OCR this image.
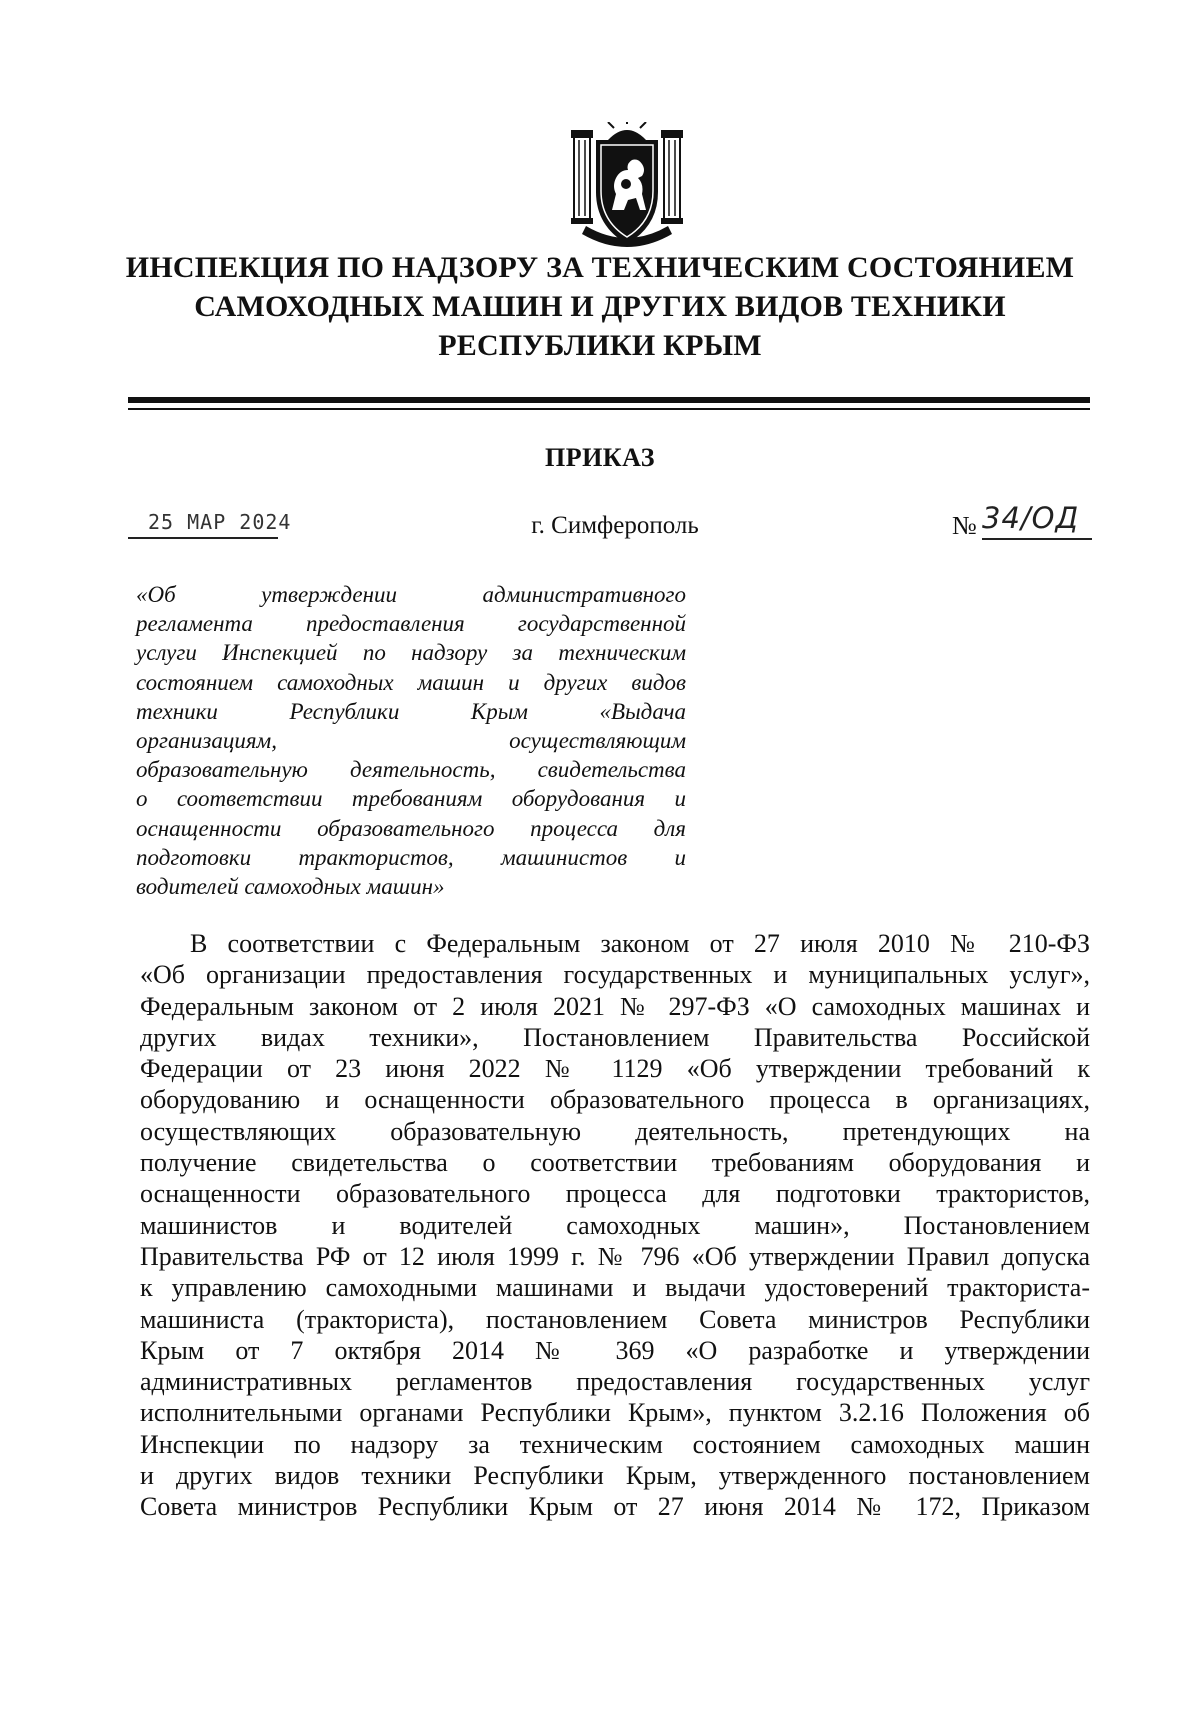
ИНСПЕКЦИЯ ПО НАДЗОРУ ЗА ТЕХНИЧЕСКИМ СОСТОЯНИЕМ
САМОХОДНЫХ МАШИН И ДРУГИХ ВИДОВ ТЕХНИКИ
РЕСПУБЛИКИ КРЫМ
ПРИКАЗ
25 МАР 2024	г. Симферополь	№ 34/ОД
«Об утверждении административного
регламента предоставления государственной
услуги Инспекцией по надзору за техническим
состоянием самоходных машин и других видов
техники Республики Крым «Выдача
организациям, осуществляющим
образовательную деятельность, свидетельства
о соответствии требованиям оборудования и
оснащенности образовательного процесса для
подготовки трактористов, машинистов и
водителей самоходных машин»
В соответствии с Федеральным законом от 27 июля 2010 № 210-ФЗ
«Об организации предоставления государственных и муниципальных услуг»,
Федеральным законом от 2 июля 2021 № 297-ФЗ «О самоходных машинах и
других видах техники», Постановлением Правительства Российской
Федерации от 23 июня 2022 № 1129 «Об утверждении требований к
оборудованию и оснащенности образовательного процесса в организациях,
осуществляющих образовательную деятельность, претендующих на
получение свидетельства о соответствии требованиям оборудования и
оснащенности образовательного процесса для подготовки трактористов,
машинистов и водителей самоходных машин», Постановлением
Правительства РФ от 12 июля 1999 г. № 796 «Об утверждении Правил допуска
к управлению самоходными машинами и выдачи удостоверений тракториста-
машиниста (тракториста), постановлением Совета министров Республики
Крым от 7 октября 2014 № 369 «О разработке и утверждении
административных регламентов предоставления государственных услуг
исполнительными органами Республики Крым», пунктом 3.2.16 Положения об
Инспекции по надзору за техническим состоянием самоходных машин
и других видов техники Республики Крым, утвержденного постановлением
Совета министров Республики Крым от 27 июня 2014 № 172, Приказом
